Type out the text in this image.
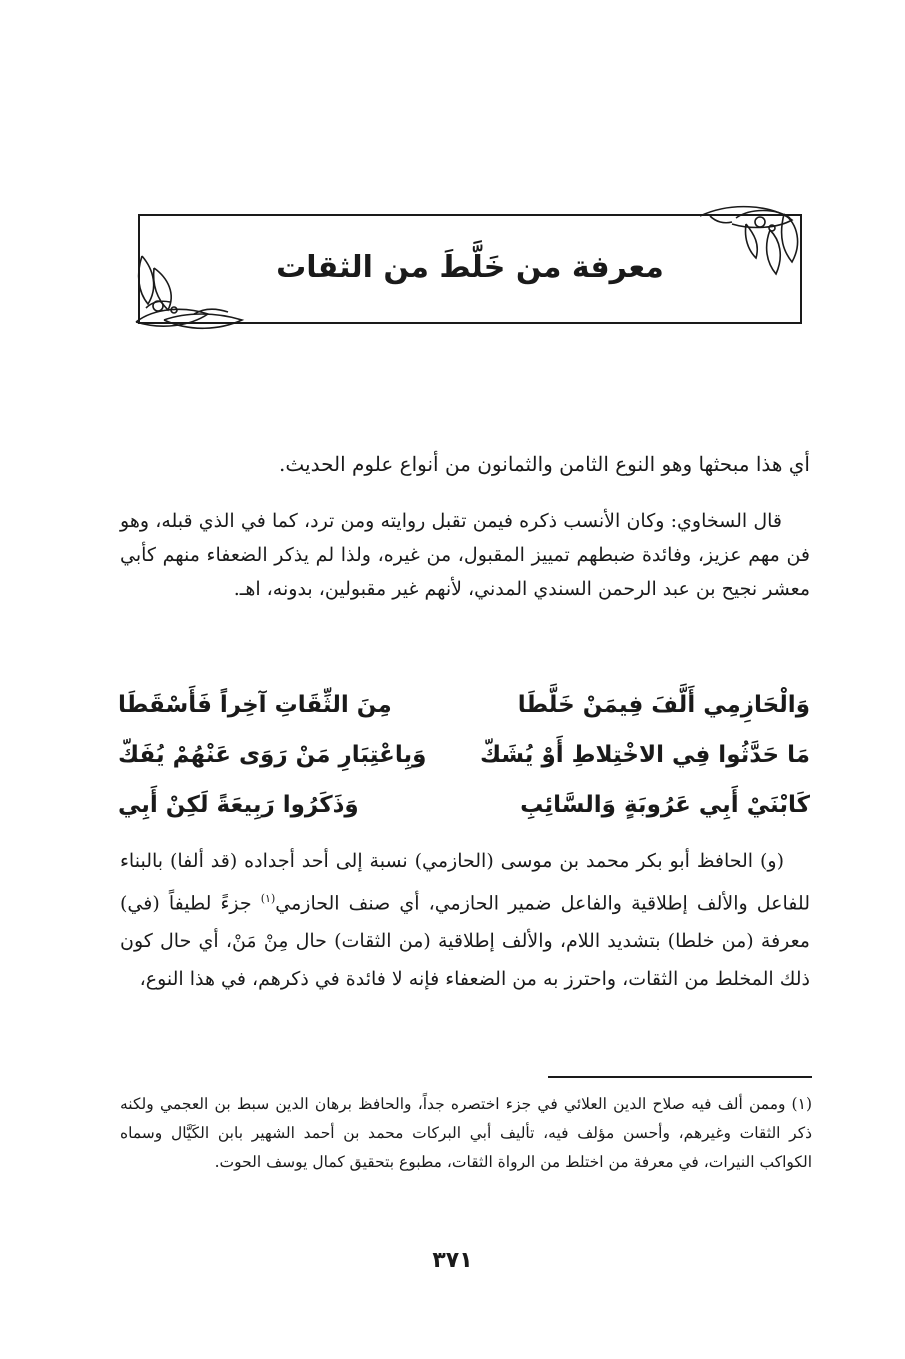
معرفة من خَلَّطَ من الثقات
أي هذا مبحثها وهو النوع الثامن والثمانون من أنواع علوم الحديث.
قال السخاوي: وكان الأنسب ذكره فيمن تقبل روايته ومن ترد، كما في الذي قبله، وهو فن مهم عزيز، وفائدة ضبطهم تمييز المقبول، من غيره، ولذا لم يذكر الضعفاء منهم كأبي معشر نجيح بن عبد الرحمن السندي المدني، لأنهم غير مقبولين، بدونه، اهـ.
وَالْحَازِمِي أَلَّفَ فِيمَنْ خَلَّطَا
مِنَ الثِّقَاتِ آخِراً فَأَسْقَطَا
مَا حَدَّثُوا فِي الاخْتِلاطِ أَوْ يُشَكّ
وَبِاعْتِبَارِ مَنْ رَوَى عَنْهُمْ يُفَكّ
كَابْنَيْ أَبِي عَرُوبَةٍ وَالسَّائِبِ
وَذَكَرُوا رَبِيعَةً لَكِنْ أَبِي
(و) الحافظ أبو بكر محمد بن موسى (الحازمي) نسبة إلى أحد أجداده (قد ألفا) بالبناء للفاعل والألف إطلاقية والفاعل ضمير الحازمي، أي صنف الحازمي$^{(١)}$ جزءً لطيفاً (في) معرفة (من خلطا) بتشديد اللام، والألف إطلاقية (من الثقات) حال مِنْ مَنْ، أي حال كون ذلك المخلط من الثقات، واحترز به من الضعفاء فإنه لا فائدة في ذكرهم، في هذا النوع،
(١)وممن ألف فيه صلاح الدين العلائي في جزء اختصره جداً، والحافظ برهان الدين سبط بن العجمي ولكنه ذكر الثقات وغيرهم، وأحسن مؤلف فيه، تأليف أبي البركات محمد بن أحمد الشهير بابن الكَيَّال وسماه الكواكب النيرات، في معرفة من اختلط من الرواة الثقات، مطبوع بتحقيق كمال يوسف الحوت.
٣٧١
